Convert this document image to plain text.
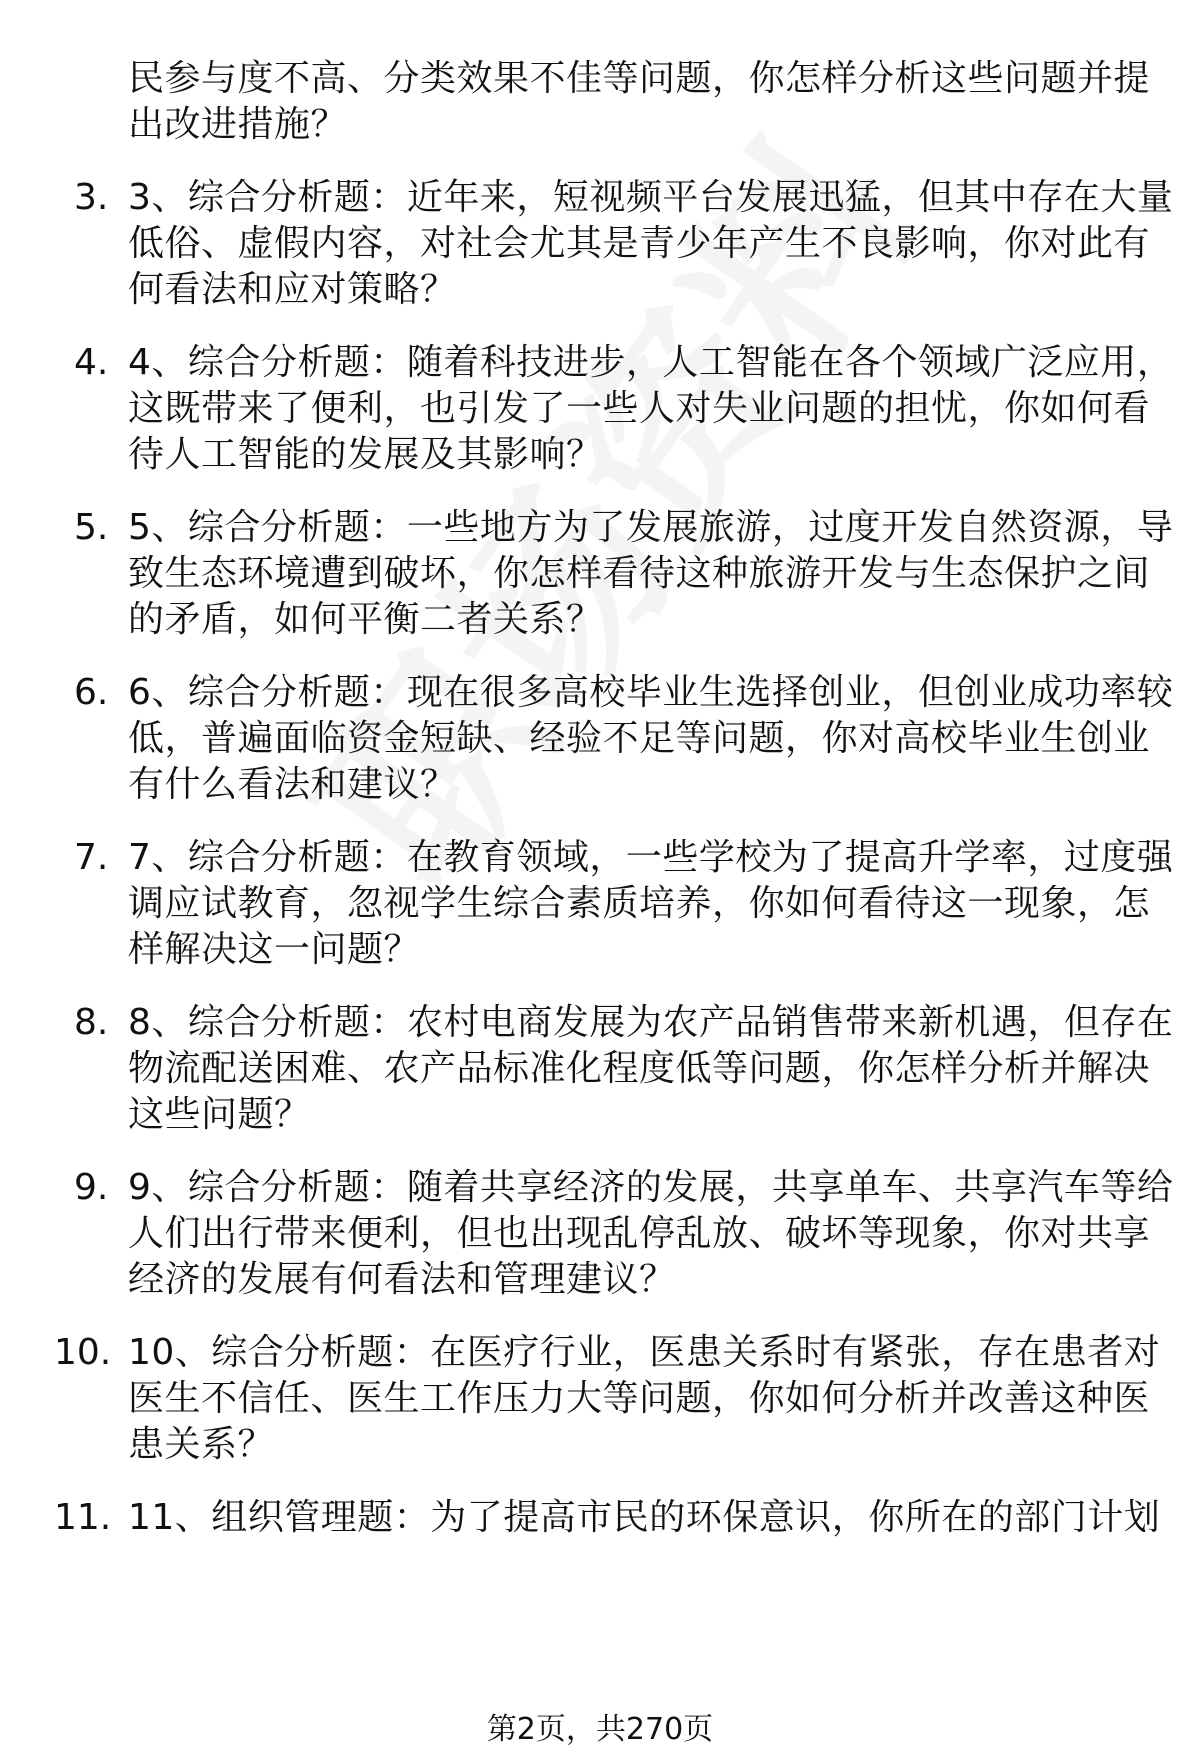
民参与度不高、分类效果不佳等问题，你怎样分析这些问题并提
出改进措施？
3. 3、综合分析题：近年来，短视频平台发展迅猛，但其中存在大量
低俗、虚假内容，对社会尤其是青少年产生不良影响，你对此有
何看法和应对策略？
4. 4、综合分析题：随着科技进步，人工智能在各个领域广泛应用，
这既带来了便利，也引发了一些人对失业问题的担忧，你如何看
待人工智能的发展及其影响？
5. 5、综合分析题：一些地方为了发展旅游，过度开发自然资源，导
致生态环境遭到破坏，你怎样看待这种旅游开发与生态保护之间
的矛盾，如何平衡二者关系？
6. 6、综合分析题：现在很多高校毕业生选择创业，但创业成功率较
低，普遍面临资金短缺、经验不足等问题，你对高校毕业生创业
有什么看法和建议？
7. 7、综合分析题：在教育领域，一些学校为了提高升学率，过度强
调应试教育，忽视学生综合素质培养，你如何看待这一现象，怎
样解决这一问题？
8. 8、综合分析题：农村电商发展为农产品销售带来新机遇，但存在
物流配送困难、农产品标准化程度低等问题，你怎样分析并解决
这些问题？
9. 9、综合分析题：随着共享经济的发展，共享单车、共享汽车等给
人们出行带来便利，但也出现乱停乱放、破坏等现象，你对共享
经济的发展有何看法和管理建议？
10. 10、综合分析题：在医疗行业，医患关系时有紧张，存在患者对
医生不信任、医生工作压力大等问题，你如何分析并改善这种医
患关系？
11. 11、组织管理题：为了提高市民的环保意识，你所在的部门计划
第2页，共270页
